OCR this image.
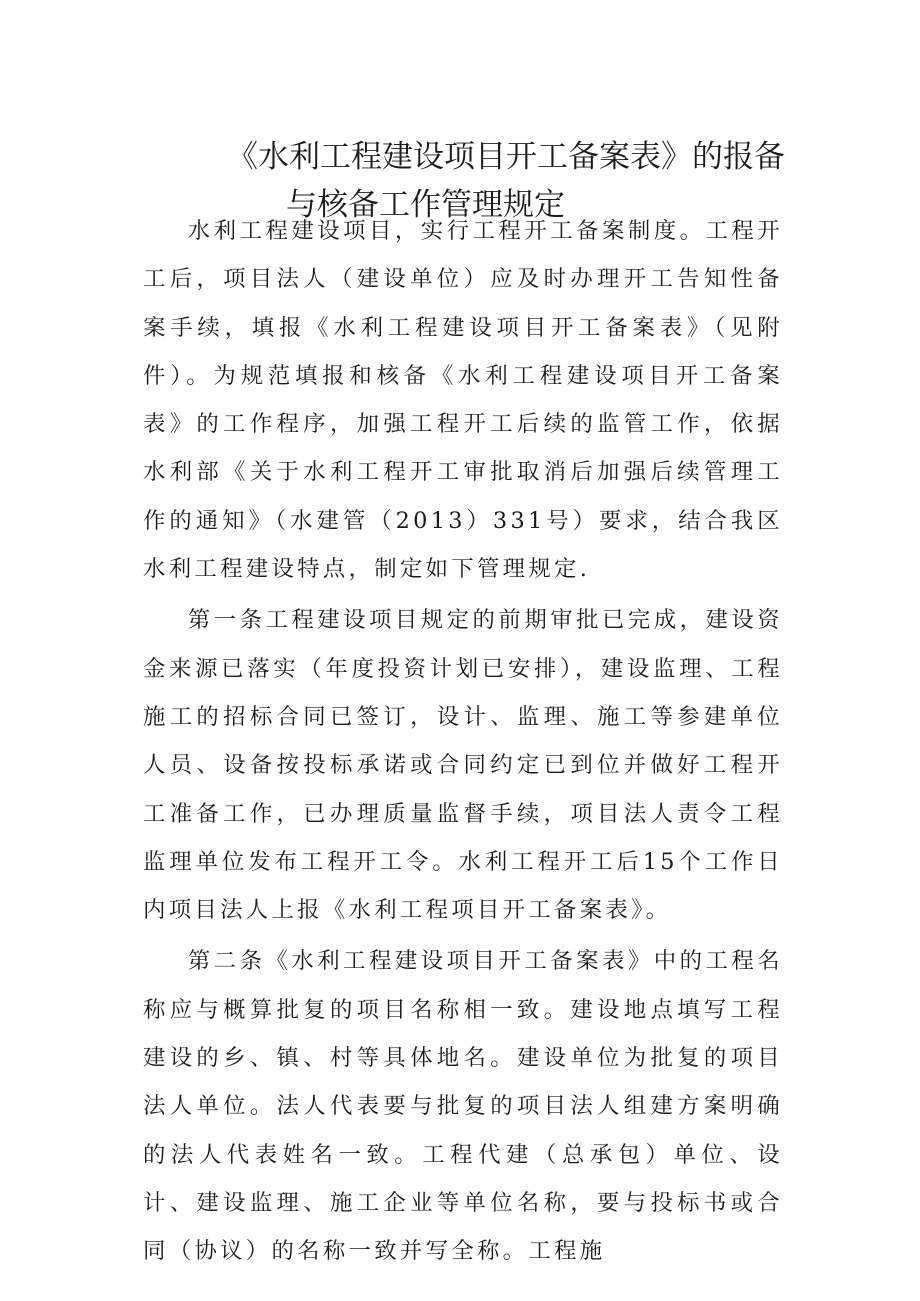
《水利工程建设项目开工备案表》的报备
与核备工作管理规定

水利工程建设项目，实行工程开工备案制度。工程开工后，项目法人（建设单位）应及时办理开工告知性备案手续，填报《水利工程建设项目开工备案表》（见附件）。为规范填报和核备《水利工程建设项目开工备案表》的工作程序，加强工程开工后续的监管工作，依据水利部《关于水利工程开工审批取消后加强后续管理工作的通知》（水建管（2013）331号）要求，结合我区水利工程建设特点，制定如下管理规定.

第一条工程建设项目规定的前期审批已完成，建设资金来源已落实（年度投资计划已安排），建设监理、工程施工的招标合同已签订，设计、监理、施工等参建单位人员、设备按投标承诺或合同约定已到位并做好工程开工准备工作，已办理质量监督手续，项目法人责令工程监理单位发布工程开工令。水利工程开工后15个工作日内项目法人上报《水利工程项目开工备案表》。

第二条《水利工程建设项目开工备案表》中的工程名称应与概算批复的项目名称相一致。建设地点填写工程建设的乡、镇、村等具体地名。建设单位为批复的项目法人单位。法人代表要与批复的项目法人组建方案明确的法人代表姓名一致。工程代建（总承包）单位、设计、建设监理、施工企业等单位名称，要与投标书或合同（协议）的名称一致并写全称。工程施
